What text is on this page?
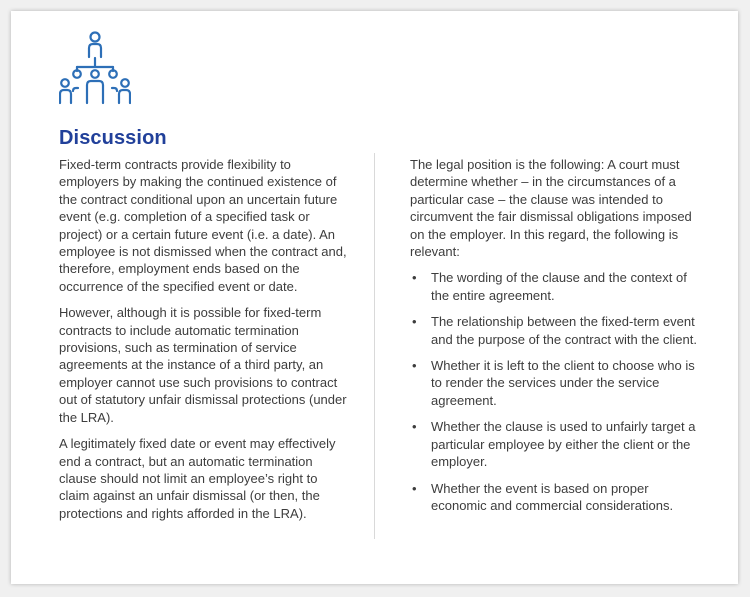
Discussion

Fixed-term contracts provide flexibility to employers by making the continued existence of the contract conditional upon an uncertain future event (e.g. completion of a specified task or project) or a certain future event (i.e. a date). An employee is not dismissed when the contract and, therefore, employment ends based on the occurrence of the specified event or date.

However, although it is possible for fixed-term contracts to include automatic termination provisions, such as termination of service agreements at the instance of a third party, an employer cannot use such provisions to contract out of statutory unfair dismissal protections (under the LRA).

A legitimately fixed date or event may effectively end a contract, but an automatic termination clause should not limit an employee’s right to claim against an unfair dismissal (or then, the protections and rights afforded in the LRA).

The legal position is the following: A court must determine whether – in the circumstances of a particular case – the clause was intended to circumvent the fair dismissal obligations imposed on the employer. In this regard, the following is relevant:

• The wording of the clause and the context of the entire agreement.
• The relationship between the fixed-term event and the purpose of the contract with the client.
• Whether it is left to the client to choose who is to render the services under the service agreement.
• Whether the clause is used to unfairly target a particular employee by either the client or the employer.
• Whether the event is based on proper economic and commercial considerations.
